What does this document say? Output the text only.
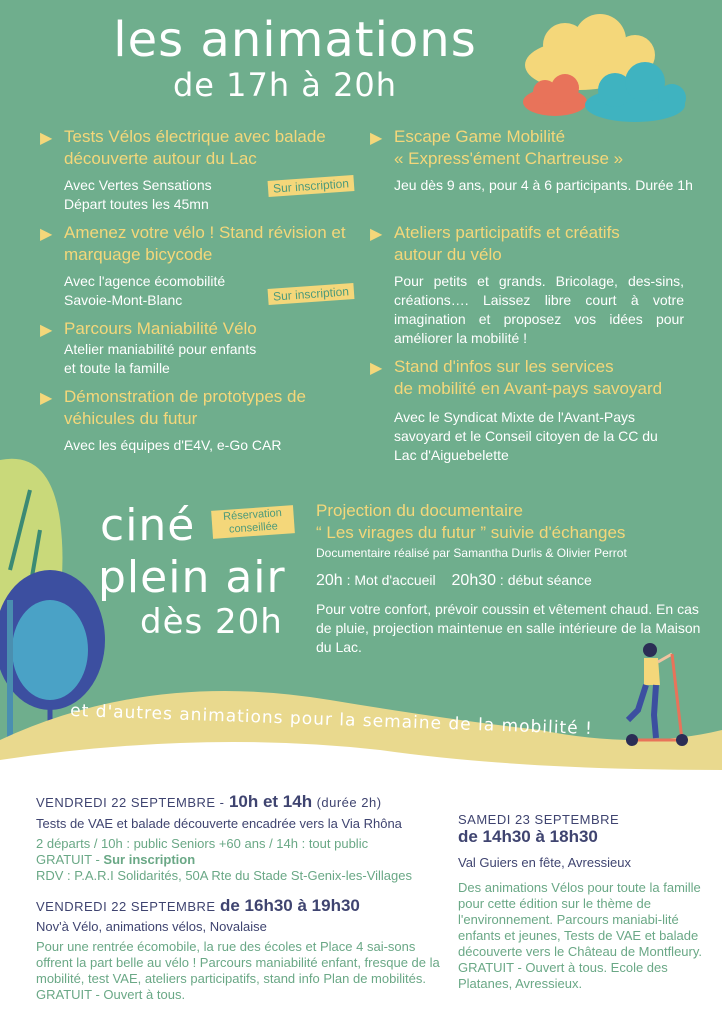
les animations
de 17h à 20h
▶ Tests Vélos électrique avec balade découverte autour du Lac
Avec Vertes Sensations
Départ toutes les 45mn
Sur inscription
▶ Amenez votre vélo ! Stand révision et marquage bicycode
Avec l'agence écomobilité
Savoie-Mont-Blanc	Sur inscription
▶ Parcours Maniabilité Vélo
Atelier maniabilité pour enfants
et toute la famille
▶ Démonstration de prototypes de véhicules du futur
Avec les équipes d'E4V, e-Go CAR
▶ Escape Game Mobilité
« Express'ément Chartreuse »
Jeu dès 9 ans, pour 4 à 6 participants. Durée 1h
▶ Ateliers participatifs et créatifs
autour du vélo
Pour petits et grands. Bricolage, des-sins, créations…. Laissez libre court à votre imagination et proposez vos idées pour améliorer la mobilité !
▶ Stand d'infos sur les services
de mobilité en Avant-pays savoyard
Avec le Syndicat Mixte de l'Avant-Pays savoyard et le Conseil citoyen de la CC du Lac d'Aiguebelette
ciné	Réservation conseillée
plein air
dès 20h
Projection du documentaire
“ Les virages du futur ” suivie d'échanges
Documentaire réalisé par Samantha Durlis & Olivier Perrot
20h : Mot d'accueil 20h30 : début séance
Pour votre confort, prévoir coussin et vêtement chaud. En cas de pluie, projection maintenue en salle intérieure de la Maison du Lac.
et d'autres animations pour la semaine de la mobilité !
VENDREDI 22 SEPTEMBRE - 10h et 14h (durée 2h)
Tests de VAE et balade découverte encadrée vers la Via Rhôna
2 départs / 10h : public Seniors +60 ans / 14h : tout public
GRATUIT - Sur inscription
RDV : P.A.R.I Solidarités, 50A Rte du Stade St-Genix-les-Villages
VENDREDI 22 SEPTEMBRE de 16h30 à 19h30
Nov'à Vélo, animations vélos, Novalaise
Pour une rentrée écomobile, la rue des écoles et Place 4 sai-sons offrent la part belle au vélo ! Parcours maniabilité enfant, fresque de la mobilité, test VAE, ateliers participatifs, stand info Plan de mobilités. GRATUIT - Ouvert à tous.
SAMEDI 23 SEPTEMBRE
de 14h30 à 18h30
Val Guiers en fête, Avressieux
Des animations Vélos pour toute la famille pour cette édition sur le thème de l'environnement. Parcours maniabi-lité enfants et jeunes, Tests de VAE et balade découverte vers le Château de Montfleury. GRATUIT - Ouvert à tous. Ecole des Platanes, Avressieux.
